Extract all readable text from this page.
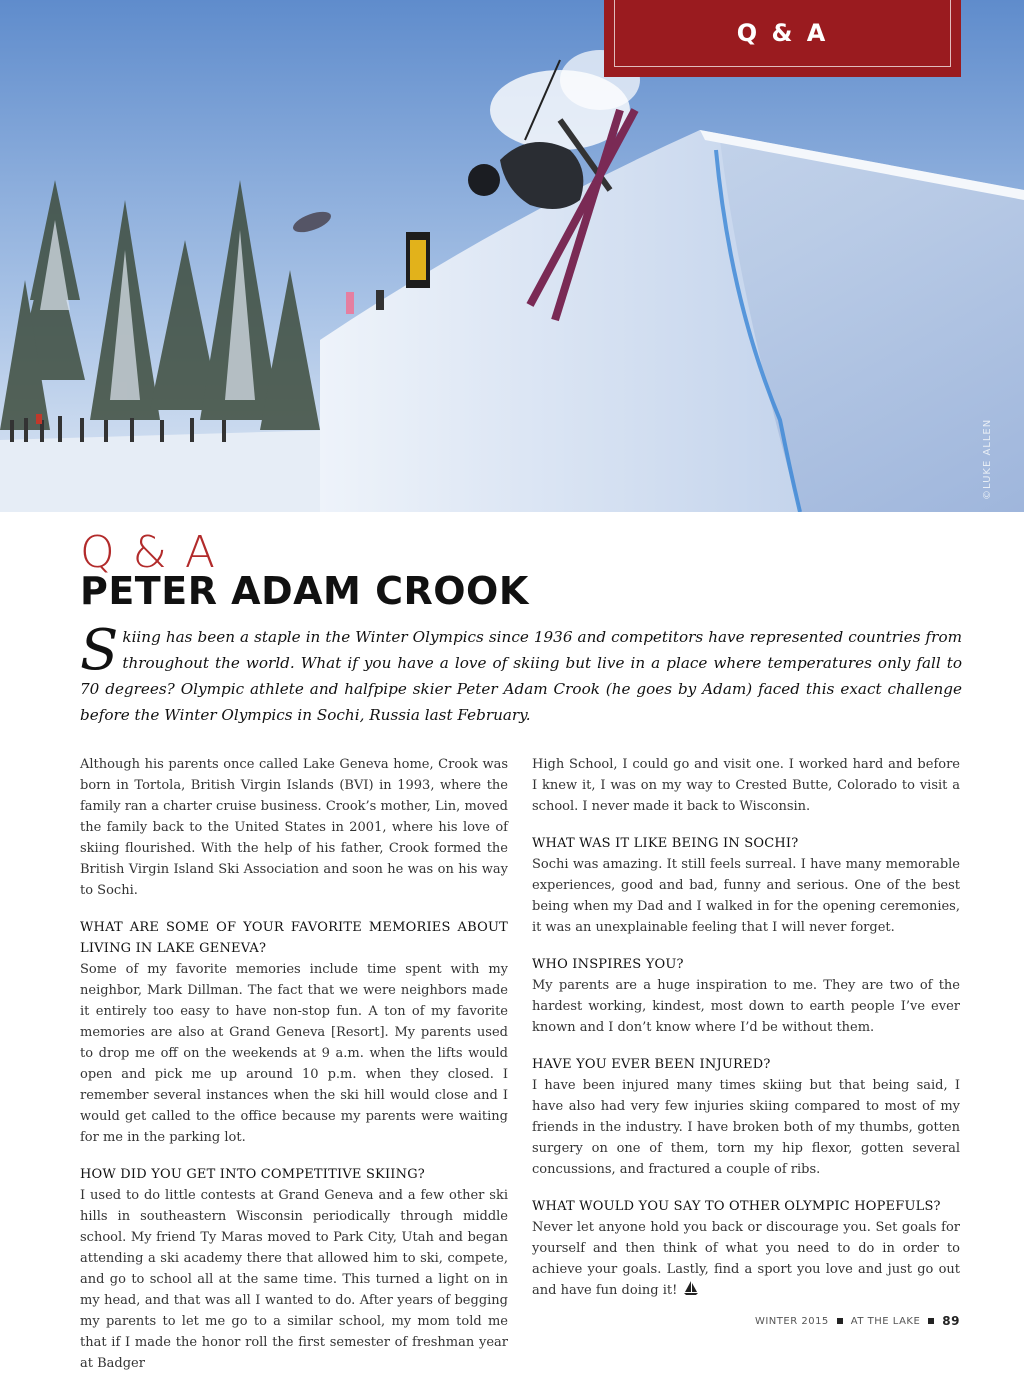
©LUKE ALLEN
Q & A
Q & A
PETER ADAM CROOK
Skiing has been a staple in the Winter Olympics since 1936 and competitors have represented countries from throughout the world. What if you have a love of skiing but live in a place where temperatures only fall to 70 degrees? Olympic athlete and halfpipe skier Peter Adam Crook (he goes by Adam) faced this exact challenge before the Winter Olympics in Sochi, Russia last February.

Although his parents once called Lake Geneva home, Crook was born in Tortola, British Virgin Islands (BVI) in 1993, where the family ran a charter cruise business. Crook’s mother, Lin, moved the family back to the United States in 2001, where his love of skiing flourished. With the help of his father, Crook formed the British Virgin Island Ski Association and soon he was on his way to Sochi.

WHAT ARE SOME OF YOUR FAVORITE MEMORIES ABOUT LIVING IN LAKE GENEVA?

Some of my favorite memories include time spent with my neighbor, Mark Dillman. The fact that we were neighbors made it entirely too easy to have non-stop fun. A ton of my favorite memories are also at Grand Geneva [Resort]. My parents used to drop me off on the weekends at 9 a.m. when the lifts would open and pick me up around 10 p.m. when they closed. I remember several instances when the ski hill would close and I would get called to the office because my parents were waiting for me in the parking lot.

HOW DID YOU GET INTO COMPETITIVE SKIING?

I used to do little contests at Grand Geneva and a few other ski hills in southeastern Wisconsin periodically through middle school. My friend Ty Maras moved to Park City, Utah and began attending a ski academy there that allowed him to ski, compete, and go to school all at the same time. This turned a light on in my head, and that was all I wanted to do. After years of begging my parents to let me go to a similar school, my mom told me that if I made the honor roll the first semester of freshman year at Badger

High School, I could go and visit one. I worked hard and before I knew it, I was on my way to Crested Butte, Colorado to visit a school. I never made it back to Wisconsin.

WHAT WAS IT LIKE BEING IN SOCHI?

Sochi was amazing. It still feels surreal. I have many memorable experiences, good and bad, funny and serious. One of the best being when my Dad and I walked in for the opening ceremonies, it was an unexplainable feeling that I will never forget.

WHO INSPIRES YOU?

My parents are a huge inspiration to me. They are two of the hardest working, kindest, most down to earth people I’ve ever known and I don’t know where I’d be without them.

HAVE YOU EVER BEEN INJURED?

I have been injured many times skiing but that being said, I have also had very few injuries skiing compared to most of my friends in the industry. I have broken both of my thumbs, gotten surgery on one of them, torn my hip flexor, gotten several concussions, and fractured a couple of ribs.

WHAT WOULD YOU SAY TO OTHER OLYMPIC HOPEFULS?

Never let anyone hold you back or discourage you. Set goals for yourself and then think of what you need to do in order to achieve your goals. Lastly, find a sport you love and just go out and have fun doing it!

WINTER 2015 AT THE LAKE 89
